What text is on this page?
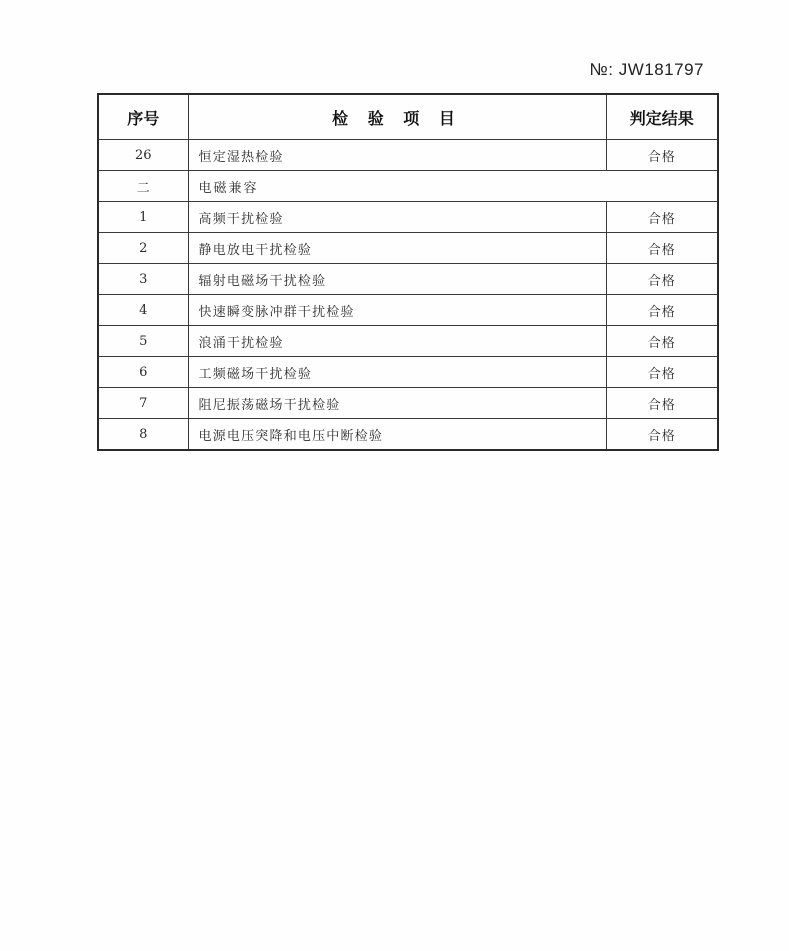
№: JW181797
序号	检 验 项 目	判定结果
26	恒定湿热检验	合格
二	电磁兼容	
1	高频干扰检验	合格
2	静电放电干扰检验	合格
3	辐射电磁场干扰检验	合格
4	快速瞬变脉冲群干扰检验	合格
5	浪涌干扰检验	合格
6	工频磁场干扰检验	合格
7	阻尼振荡磁场干扰检验	合格
8	电源电压突降和电压中断检验	合格
